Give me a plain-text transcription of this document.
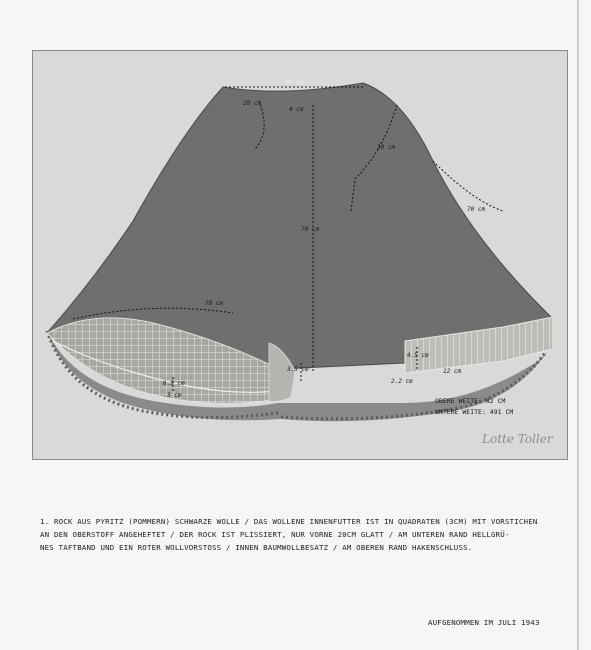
39 cm
20 cm
4 cm
30 cm
70 cm
70 cm
70 cm
6.5 cm
3 cm
3.5 cm
4.5 cm
2.2 cm
12 cm
OBERE WEITE: 82 CM
UNTERE WEITE: 491 CM
Lotte Toller
1. ROCK AUS PYRITZ (POMMERN) SCHWARZE WOLLE / DAS WOLLENE INNENFUTTER IST IN QUADRATEN (3CM) MIT VORSTICHEN
AN DEN OBERSTOFF ANGEHEFTET / DER ROCK IST PLISSIERT, NUR VORNE 20CM GLATT / AM UNTEREN RAND HELLGRÜ-
NES TAFTBAND UND EIN ROTER WOLLVORSTOSS / INNEN BAUMWOLLBESATZ / AM OBEREN RAND HAKENSCHLUSS.
AUFGENOMMEN IM JULI 1943
